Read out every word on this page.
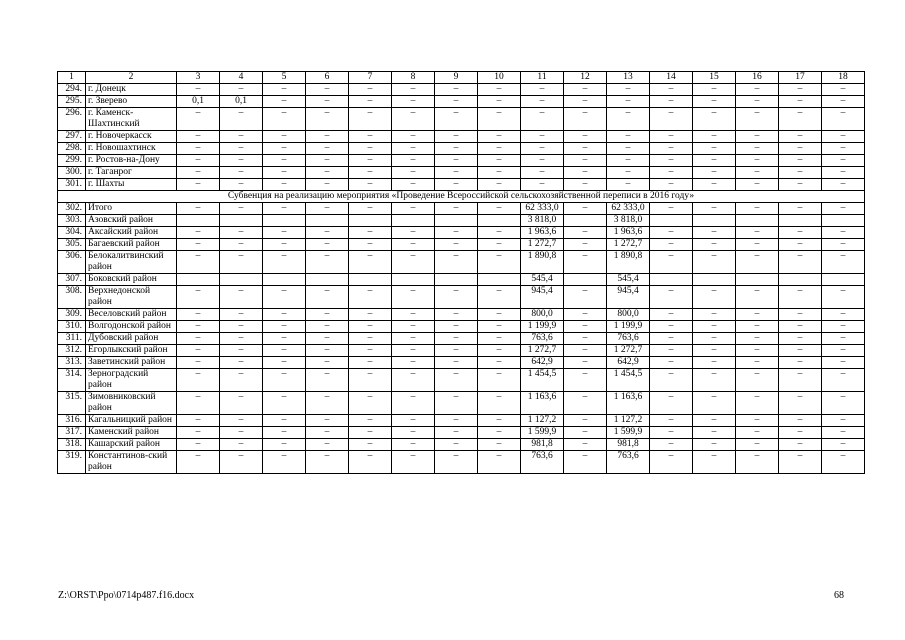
1	2	3	4	5	6	7	8	9	10	11	12	13	14	15	16	17	18
294.	г. Донецк	–	–	–	–	–	–	–	–	–	–	–	–	–	–	–	–
295.	г. Зверево	0,1	0,1	–	–	–	–	–	–	–	–	–	–	–	–	–	–
296.	г. Каменск-Шахтинский	–	–	–	–	–	–	–	–	–	–	–	–	–	–	–	–
297.	г. Новочеркасск	–	–	–	–	–	–	–	–	–	–	–	–	–	–	–	–
298.	г. Новошахтинск	–	–	–	–	–	–	–	–	–	–	–	–	–	–	–	–
299.	г. Ростов-на-Дону	–	–	–	–	–	–	–	–	–	–	–	–	–	–	–	–
300.	г. Таганрог	–	–	–	–	–	–	–	–	–	–	–	–	–	–	–	–
301.	г. Шахты	–	–	–	–	–	–	–	–	–	–	–	–	–	–	–	–
Субвенция на реализацию мероприятия «Проведение Всероссийской сельскохозяйственной переписи в 2016 году»																	
302.	Итого	–	–	–	–	–	–	–	–	62 333,0	–	62 333,0	–	–	–	–	–
303.	Азовский район									3 818,0		3 818,0					
304.	Аксайский район	–	–	–	–	–	–	–	–	1 963,6	–	1 963,6	–	–	–	–	–
305.	Багаевский район	–	–	–	–	–	–	–	–	1 272,7	–	1 272,7	–	–	–	–	–
306.	Белокалитвинский район	–	–	–	–	–	–	–	–	1 890,8	–	1 890,8	–	–	–	–	–
307.	Боковский район									545,4		545,4					
308.	Верхнедонской район	–	–	–	–	–	–	–	–	945,4	–	945,4	–	–	–	–	–
309.	Веселовский район	–	–	–	–	–	–	–	–	800,0	–	800,0	–	–	–	–	–
310.	Волгодонской район	–	–	–	–	–	–	–	–	1 199,9	–	1 199,9	–	–	–	–	–
311.	Дубовский район	–	–	–	–	–	–	–	–	763,6	–	763,6	–	–	–	–	–
312.	Егорлыкский район	–	–	–	–	–	–	–	–	1 272,7	–	1 272,7	–	–	–	–	–
313.	Заветинский район	–	–	–	–	–	–	–	–	642,9	–	642,9	–	–	–	–	–
314.	Зерноградский район	–	–	–	–	–	–	–	–	1 454,5	–	1 454,5	–	–	–	–	–
315.	Зимовниковский район	–	–	–	–	–	–	–	–	1 163,6	–	1 163,6	–	–	–	–	–
316.	Кагальницкий район	–	–	–	–	–	–	–	–	1 127,2	–	1 127,2	–	–	–	–	–
317.	Каменский район	–	–	–	–	–	–	–	–	1 599,9	–	1 599,9	–	–	–	–	–
318.	Кашарский район	–	–	–	–	–	–	–	–	981,8	–	981,8	–	–	–	–	–
319.	Константинов-ский район	–	–	–	–	–	–	–	–	763,6	–	763,6	–	–	–	–	–
Z:\ORST\Ppo\0714p487.f16.docx	68
